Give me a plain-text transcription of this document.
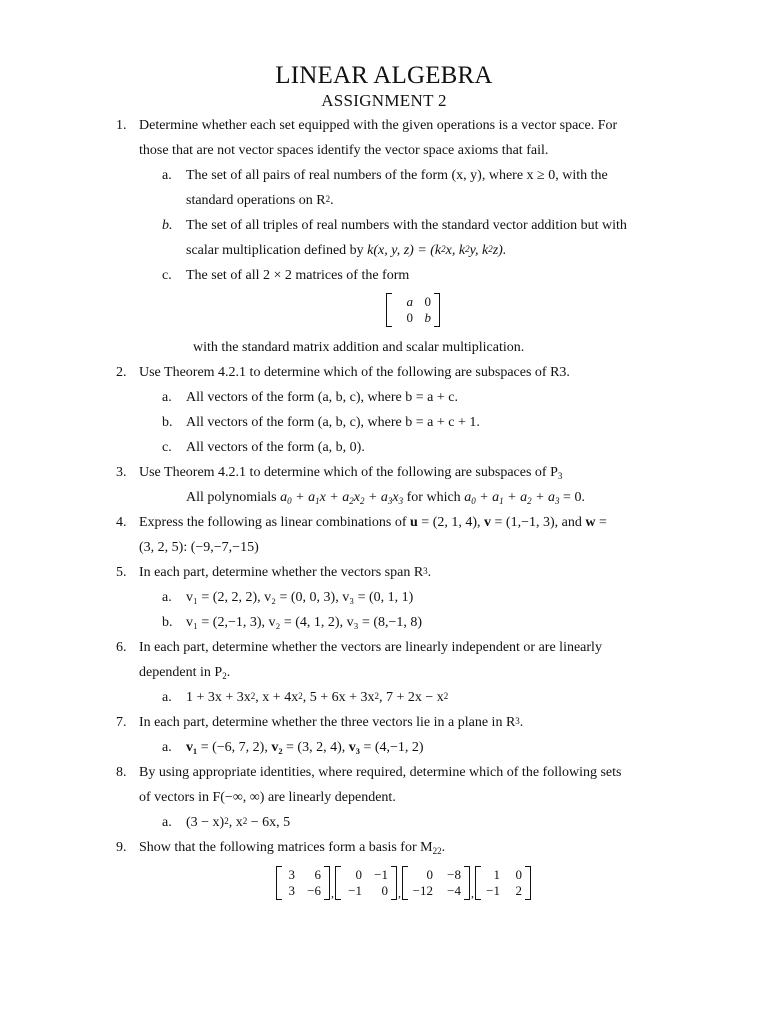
LINEAR ALGEBRA
ASSIGNMENT 2
1. Determine whether each set equipped with the given operations is a vector space. For
those that are not vector spaces identify the vector space axioms that fail.
a. The set of all pairs of real numbers of the form (x, y), where x ≥ 0, with the
standard operations on $R^2$.
b. The set of all triples of real numbers with the standard vector addition but with
scalar multiplication defined by k(x, y, $z) = (k^2x$, $k^2y$, $k^2z$).
c. The set of all 2 × 2 matrices of the form
a 0
0 b
with the standard matrix addition and scalar multiplication.
2. Use Theorem 4.2.1 to determine which of the following are subspaces of R3.
a. All vectors of the form (a, b, c), where b = a + c.
b. All vectors of the form (a, b, c), where b = a + c + 1.
c. All vectors of the form (a, b, 0).
3. Use Theorem 4.2.1 to determine which of the following are subspaces of $P_3$
All polynomials $a_0 + a_1x + a_2x_2 + a_3x_3$ for which $a_0 + a_1 + a_2 + a_3 = 0$.
4. Express the following as linear combinations of u = (2, 1, 4), v = (1,−1, 3), and w =
(3, 2, 5): (−9,−7,−15)
5. In each part, determine whether the vectors span $R^3$.
a. v₁ = (2, 2, 2), v₂ = (0, 0, 3), v₃ = (0, 1, 1)
b. v₁ = (2,−1, 3), v₂ = (4, 1, 2), v₃ = (8,−1, 8)
6. In each part, determine whether the vectors are linearly independent or are linearly
dependent in $P_2$.
a. $1 + 3x + 3x^2$, $x + 4x^2$, $5 + 6x + 3x^2$, $7 + 2x - x^2$
7. In each part, determine whether the three vectors lie in a plane in $R^3$.
a. v₁ = (−6, 7, 2), v₂ = (3, 2, 4), v₃ = (4,−1, 2)
8. By using appropriate identities, where required, determine which of the following sets
of vectors in F(−∞, ∞) are linearly dependent.
a. $(3 - x)^2$, $x^2 - 6x$, 5
9. Show that the following matrices form a basis for $M_{22}$.
3	6
3 −6 ,
0 −1
−1	0 ,
0	−8
−12	−4 ,
1	0
−1	2
